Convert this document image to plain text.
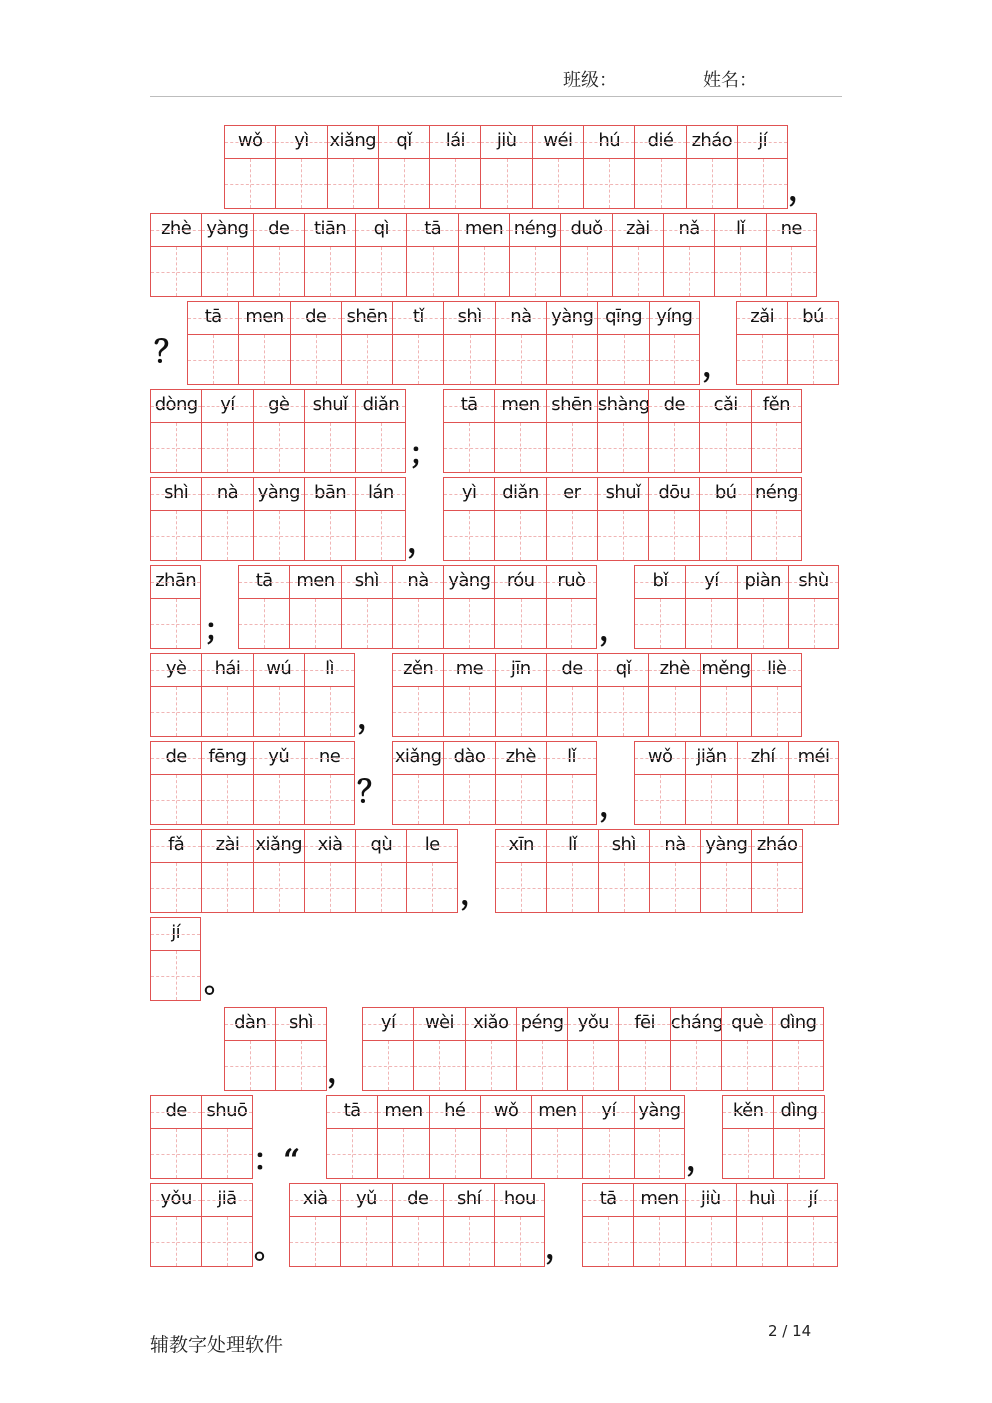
班级：	姓名：
wǒ	yì	xiǎng	qǐ	lái	jiù	wéi	hú	dié	zháo	jí
zhè yàng	de	tiān	qì	tā	men néng duǒ	zài	nǎ	lǐ	ne
tā	men	de	shēn	tǐ	shì	nà	yàng qīng yíng	zǎi	bú
dòng	yí	gè	shuǐ diǎn	tā	men shēn shàng de	cǎi	fěn
shì	nà	yàng bān	lán	yì	diǎn	er	shuǐ dōu	bú	néng
zhān	tā	men	shì	nà	yàng róu	ruò	bǐ	yí	piàn shù
yè	hái	wú	lì	zěn	me	jīn	de	qǐ	zhè měng liè
de	fēng	yǔ	ne	xiǎng dào	zhè	lǐ	wǒ	jiǎn	zhí	méi
fǎ	zài xiǎng xià	qù	le	xīn	lǐ	shì	nà	yàng zháo
jí
dàn	shì	yí	wèi	xiǎo péng yǒu	fēi cháng què dìng
de	shuō	tā	men	hé	wǒ	men	yí	yàng	kěn dìng
yǒu	jiā	xià	yǔ	de	shí	hou	tā	men	jiù	huì	jí
，
？	，
；
，
；	，
，
？	，
，
。
，
：“	，
。	，
辅教字处理软件
2 / 14
